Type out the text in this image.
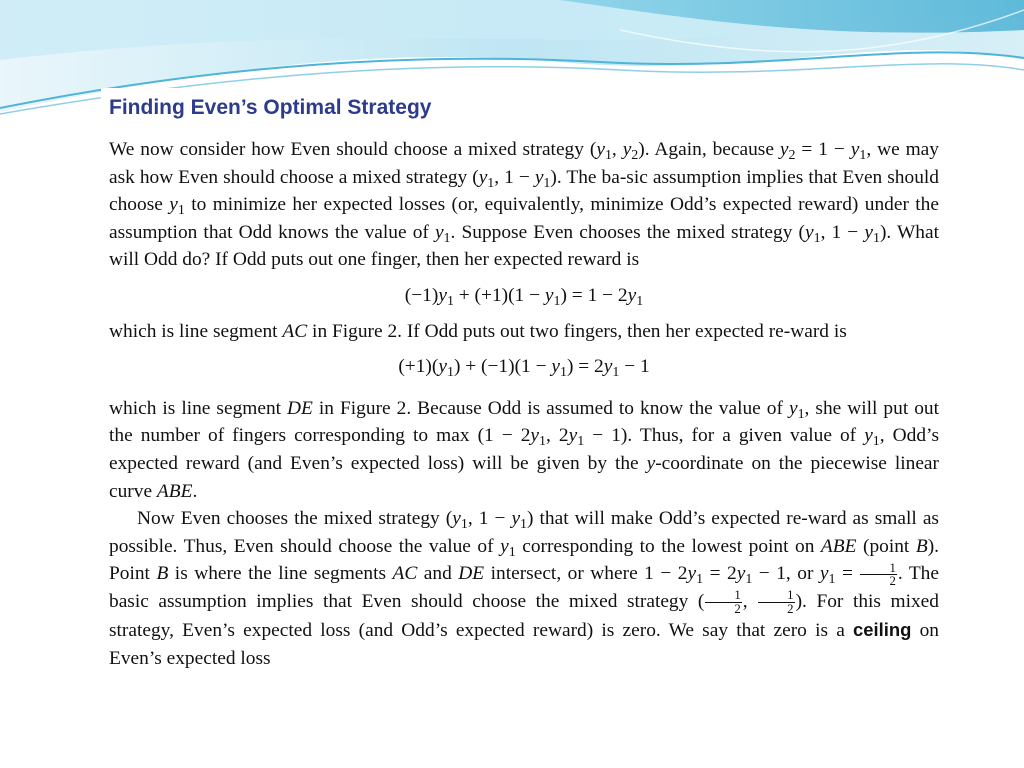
Finding Even’s Optimal Strategy

We now consider how Even should choose a mixed strategy ($y_1$, $y_2$). Again, because $y_2 = 1 - y_1$, we may ask how Even should choose a mixed strategy ($y_1$, $1 - y_1$). The ba-sic assumption implies that Even should choose $y_1$ to minimize her expected losses (or, equivalently, minimize Odd’s expected reward) under the assumption that Odd knows the value of $y_1$. Suppose Even chooses the mixed strategy ($y_1$, $1 - y_1$). What will Odd do? If Odd puts out one finger, then her expected reward is

$(-1)y_1 + (+1)(1 - y_1) = 1 - 2y_1$

which is line segment AC in Figure 2. If Odd puts out two fingers, then her expected re-ward is

$(+1)(y_1) + (-1)(1 - y_1) = 2y_1 - 1$

which is line segment DE in Figure 2. Because Odd is assumed to know the value of $y_1$, she will put out the number of fingers corresponding to $\max (1 - 2y_1$, $2y_1 - 1$). Thus, for a given value of $y_1$, Odd’s expected reward (and Even’s expected loss) will be given by the y-coordinate on the piecewise linear curve ABE.

Now Even chooses the mixed strategy ($y_1$, $1 - y_1$) that will make Odd’s expected re-ward as small as possible. Thus, Even should choose the value of $y_1$ corresponding to the lowest point on ABE (point B). Point B is where the line segments AC and DE intersect, or where $1 - 2y_1 = 2y_1 - 1$, or $y_1 = \frac{1}{2}$ . The basic assumption implies that Even should choose the mixed strategy ( $\frac{1}{2}$ , $\frac{1}{2}$ ). For this mixed strategy, Even’s expected loss (and Odd’s expected reward) is zero. We say that zero is a ceiling on Even’s expected loss
